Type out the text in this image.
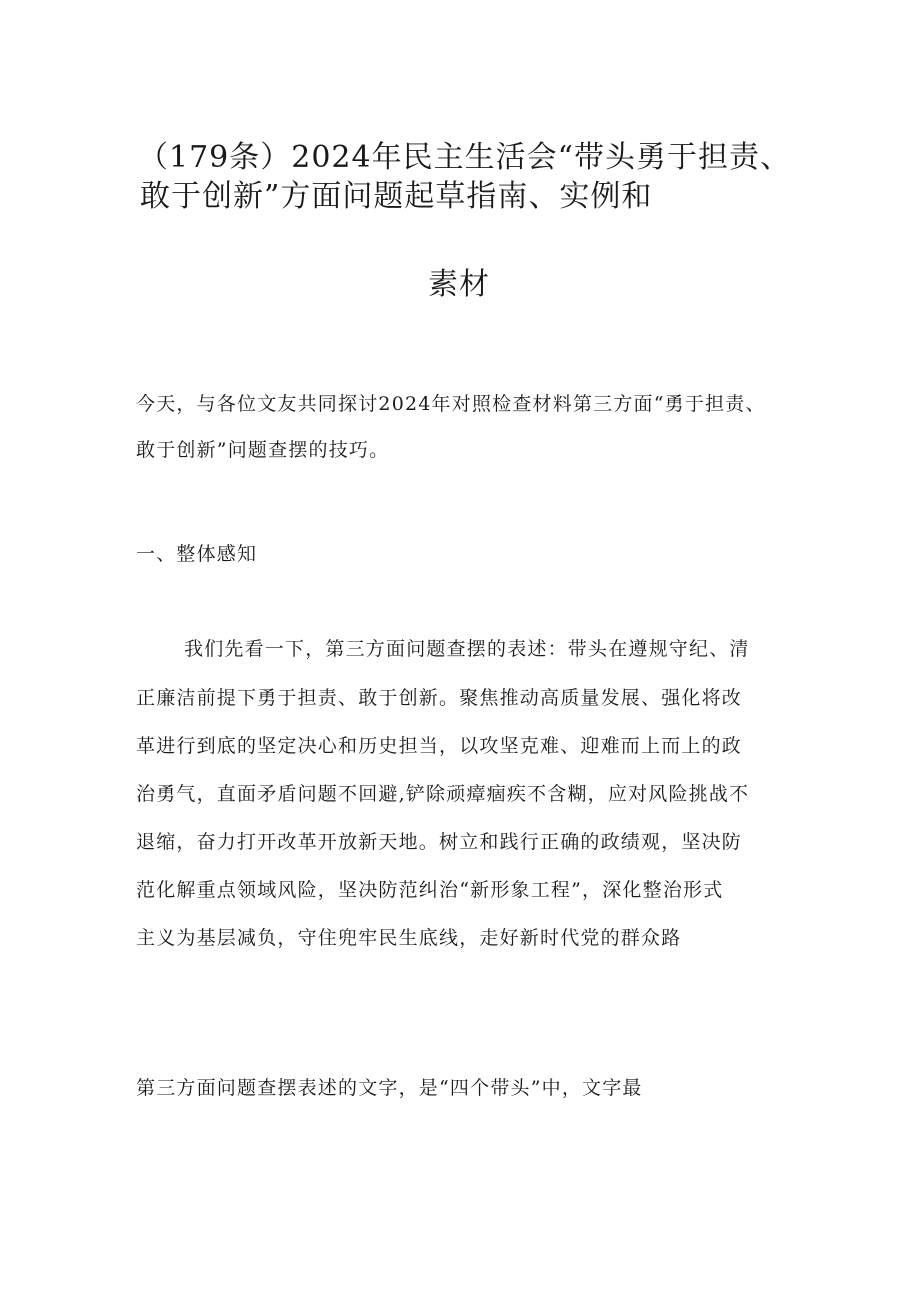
（179条）2024年民主生活会“带头勇于担责、
敢于创新”方面问题起草指南、实例和
素材
今天，与各位文友共同探讨2024年对照检查材料第三方面“勇于担责、
敢于创新”问题查摆的技巧。
一、整体感知
我们先看一下，第三方面问题查摆的表述：带头在遵规守纪、清
正廉洁前提下勇于担责、敢于创新。聚焦推动高质量发展、强化将改
革进行到底的坚定决心和历史担当，以攻坚克难、迎难而上而上的政
治勇气，直面矛盾问题不回避,铲除顽瘴痼疾不含糊，应对风险挑战不
退缩，奋力打开改革开放新天地。树立和践行正确的政绩观，坚决防
范化解重点领域风险，坚决防范纠治“新形象工程”，深化整治形式
主义为基层减负，守住兜牢民生底线，走好新时代党的群众路
第三方面问题查摆表述的文字，是“四个带头”中，文字最
